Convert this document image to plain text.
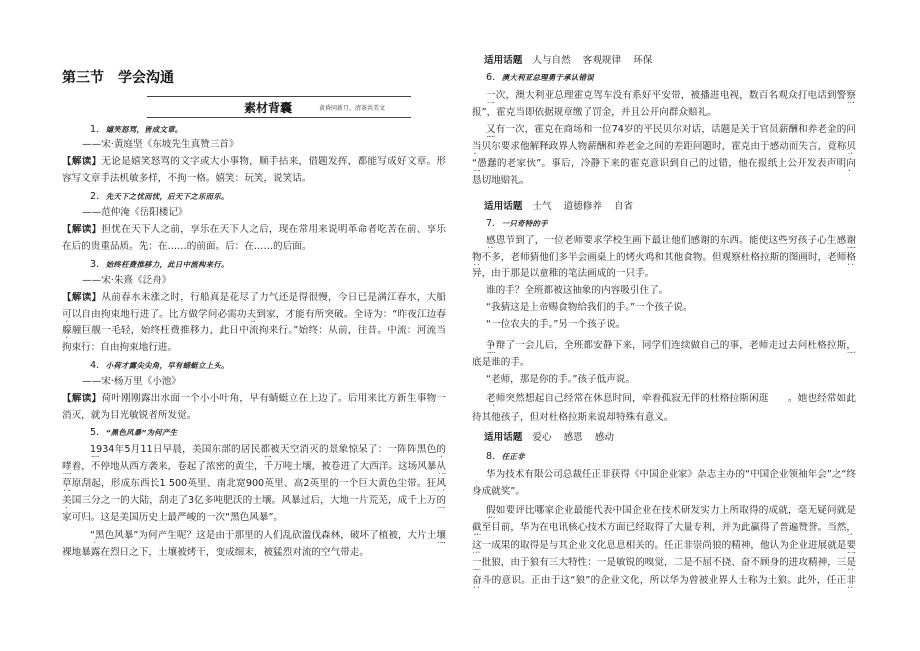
第三节　学会沟通
素材背囊	黄昏同新月，清茶共美文
1．嬉笑怒骂，皆成文章。
——宋·黄庭坚《东坡先生真赞三首》
【解读】无论是嬉笑怒骂的文字或大小事物，顺手拈来，借题发挥，都能写成好文章。形
容写文章手法机敏多样，不拘一格。嬉笑：玩笑，说笑话。
2．先天下之忧而忧，后天下之乐而乐。
——范仲淹《岳阳楼记》
【解读】担忧在天下人之前，享乐在天下人之后，现在常用来说明革命者吃苦在前、享乐
在后的贵重品质。先：在……的前面。后：在……的后面。
3．始终枉费推移力，此日中流构来行。
——宋·朱熹《泛舟》
【解读】从前春水未涨之时，行船真是花尽了力气还是得很慢，今日已是满江春水，大船
可以自由拘束地行进了。比方做学问必需功夫到家，才能有所突破。全诗为：“昨夜江边春
艨艟巨舰一毛轻，始终枉费推移力，此日中流拘来行。”始终：从前，往昔。中流：河流当
拘束行：自由拘束地行进。
4．小荷才露尖尖角，早有蜻蜓立上头。
——宋·杨万里《小池》
【解读】荷叶刚刚露出水面一个小小叶角，早有蜻蜓立在上边了。后用来比方新生事物一
消灭，就为目光敏锐者所发觉。
5．“黑色风暴”为何产生
1934年5月11日早晨，美国东部的居民都被天空消灭的景象惊呆了：一阵阵黑色的
哮着，不停地从西方袭来，卷起了浓密的黄尘，千万吨土壤，被卷进了大西洋。这场风暴从
草原刮起，形成东西长1 500英里、南北宽900英里、高2英里的一个巨大黄色尘带。狂风
美国三分之一的大陆，刮走了3亿多吨肥沃的土壤。风暴过后，大地一片荒芜，成千上万的
家可归。这是美国历史上最严峻的一次“黑色风暴”。
“黑色风暴”为何产生呢？这是由于那里的人们乱砍滥伐森林，破坏了植被，大片土壤
裸地暴露在烈日之下，土壤被烤干，变成细末，被猛烈对流的空气带走。
适用话题 人与自然 客观规律 环保
6．澳大利亚总理勇于承认错误
一次，澳大利亚总理霍克驾车没有系好平安带，被播进电视，数百名观众打电话到警察
报”，霍克当即依据规章缴了罚金，并且公开向群众赔礼。
又有一次，霍克在商场和一位74岁的平民贝尔对话，话题是关于官员薪酬和养老金的问
当贝尔要求他解释政界人物薪酬和养老金之间的差距问题时，霍克由于感动而失言，竟称贝
“愚蠢的老家伙”。事后，冷静下来的霍克意识到自己的过错，他在报纸上公开发表声明向
恳切地赔礼。
适用话题 士气 道德修养 自省
7．一只奇特的手
感恩节到了，一位老师要求学校生画下最让他们感谢的东西。能使这些穷孩子心生感谢
物不多，老师猜他们多半会画桌上的烤火鸡和其他食物。但观察杜格拉斯的图画时，老师格
异，由于那是以童稚的笔法画成的一只手。
谁的手？全班都被这抽象的内容吸引住了。
“我猜这是上帝赐食物给我们的手。”一个孩子说。
“一位农夫的手。”另一个孩子说。
争辩了一会儿后，全班都安静下来，同学们连续做自己的事，老师走过去问杜格拉斯，
底是谁的手。
“老师，那是你的手。”孩子低声说。
老师突然想起自己经常在休息时间，牵着孤寂无伴的杜格拉斯闲逛　　。她也经常如此
待其他孩子，但对杜格拉斯来说却特殊有意义。
适用话题 爱心 感恩 感动
8．任正非
华为技术有限公司总裁任正非获得《中国企业家》杂志主办的“中国企业领袖年会”之“终
身成就奖”。
假如要评比哪家企业最能代表中国企业在技术研发实力上所取得的成就，毫无疑问就是
截至目前，华为在电讯核心技术方面已经取得了大量专利，并为此赢得了普遍赞誉。当然，
这一成果的取得是与其企业文化息息相关的。任正非崇尚狼的精神，他认为企业进展就是要
一批狼，由于狼有三大特性：一是敏锐的嗅觉，二是不屈不挠、奋不顾身的进攻精神，三是
奋斗的意识。正由于这“狼”的企业文化，所以华为曾被业界人士称为土狼。此外，任正非
